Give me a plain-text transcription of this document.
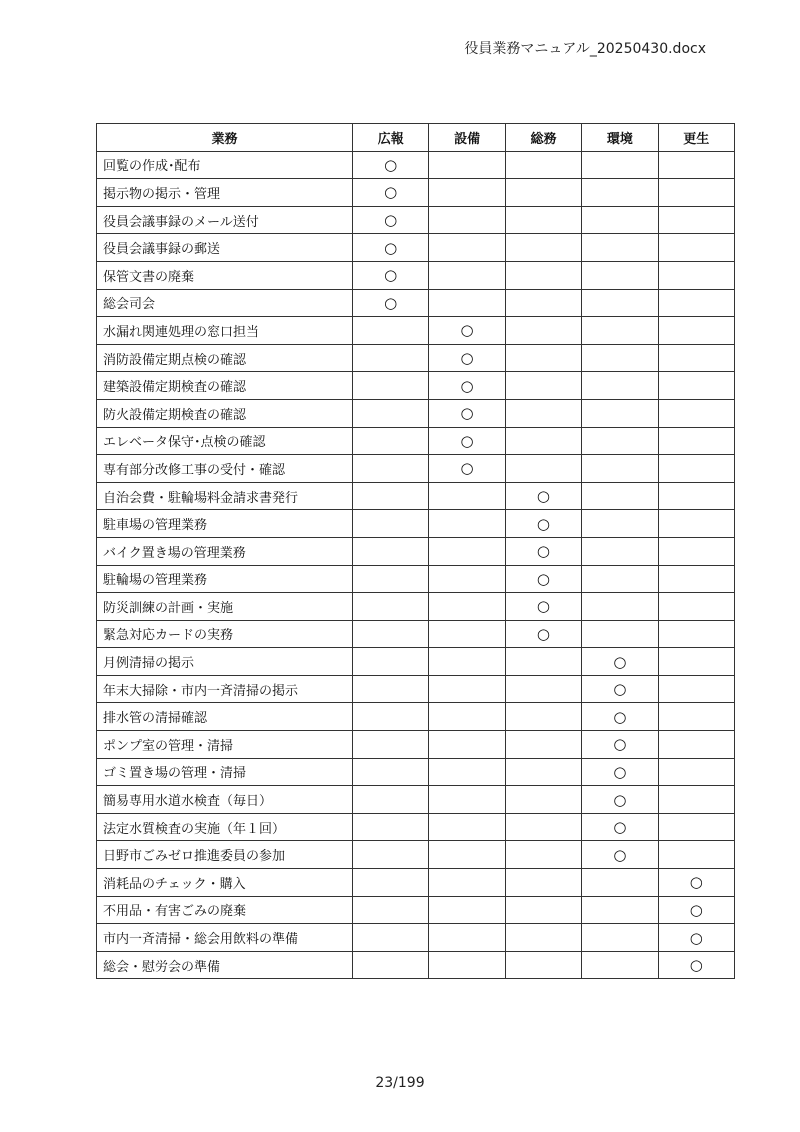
役員業務マニュアル_20250430.docx
業務	広報	設備	総務	環境	更生
回覧の作成･配布	○				
掲示物の掲示・管理	○				
役員会議事録のメール送付	○				
役員会議事録の郵送	○				
保管文書の廃棄	○				
総会司会	○				
水漏れ関連処理の窓口担当		○			
消防設備定期点検の確認		○			
建築設備定期検査の確認		○			
防火設備定期検査の確認		○			
エレベータ保守･点検の確認		○			
専有部分改修工事の受付・確認		○			
自治会費・駐輪場料金請求書発行			○		
駐車場の管理業務			○		
バイク置き場の管理業務			○		
駐輪場の管理業務			○		
防災訓練の計画・実施			○		
緊急対応カードの実務			○		
月例清掃の掲示				○	
年末大掃除・市内一斉清掃の掲示				○	
排水管の清掃確認				○	
ポンプ室の管理・清掃				○	
ゴミ置き場の管理・清掃				○	
簡易専用水道水検査（毎日）				○	
法定水質検査の実施（年１回）				○	
日野市ごみゼロ推進委員の参加				○	
消耗品のチェック・購入					○
不用品・有害ごみの廃棄					○
市内一斉清掃・総会用飲料の準備					○
総会・慰労会の準備					○
23/199
